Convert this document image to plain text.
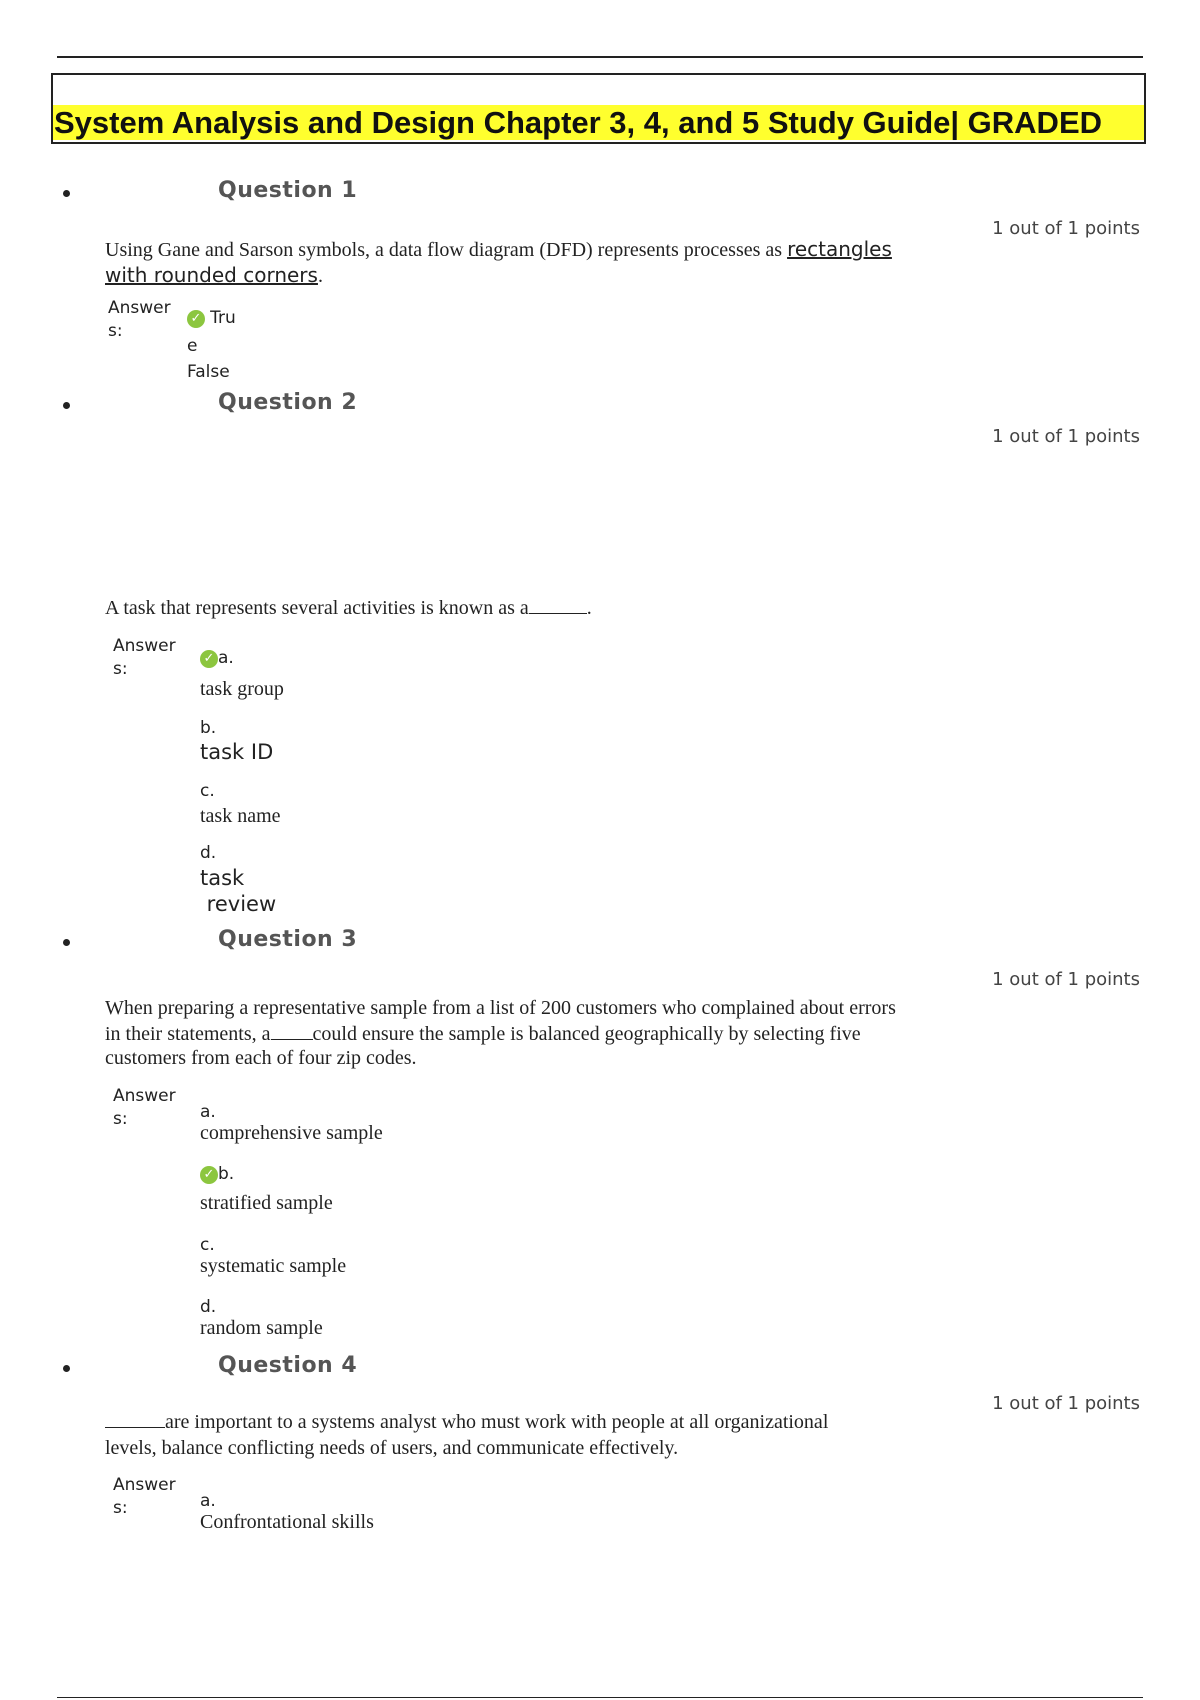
System Analysis and Design Chapter 3, 4, and 5 Study Guide| GRADED
Question 1
1 out of 1 points
Using Gane and Sarson symbols, a data flow diagram (DFD) represents processes as rectangles
with rounded corners.
Answer
s:
✓ Tru
e
False
Question 2
1 out of 1 points
A task that represents several activities is known as a	.
Answer
s:
✓ a.
task group
b.
task ID
c.
task name
d.
task
review
Question 3
1 out of 1 points
When preparing a representative sample from a list of 200 customers who complained about errors
in their statements, a could ensure the sample is balanced geographically by selecting five
customers from each of four zip codes.
Answer
s:	a.
comprehensive sample
✓ b.
stratified sample
c.
systematic sample
d.
random sample
Question 4
1 out of 1 points
are important to a systems analyst who must work with people at all organizational
levels, balance conflicting needs of users, and communicate effectively.
Answer
s:	a.
Confrontational skills
